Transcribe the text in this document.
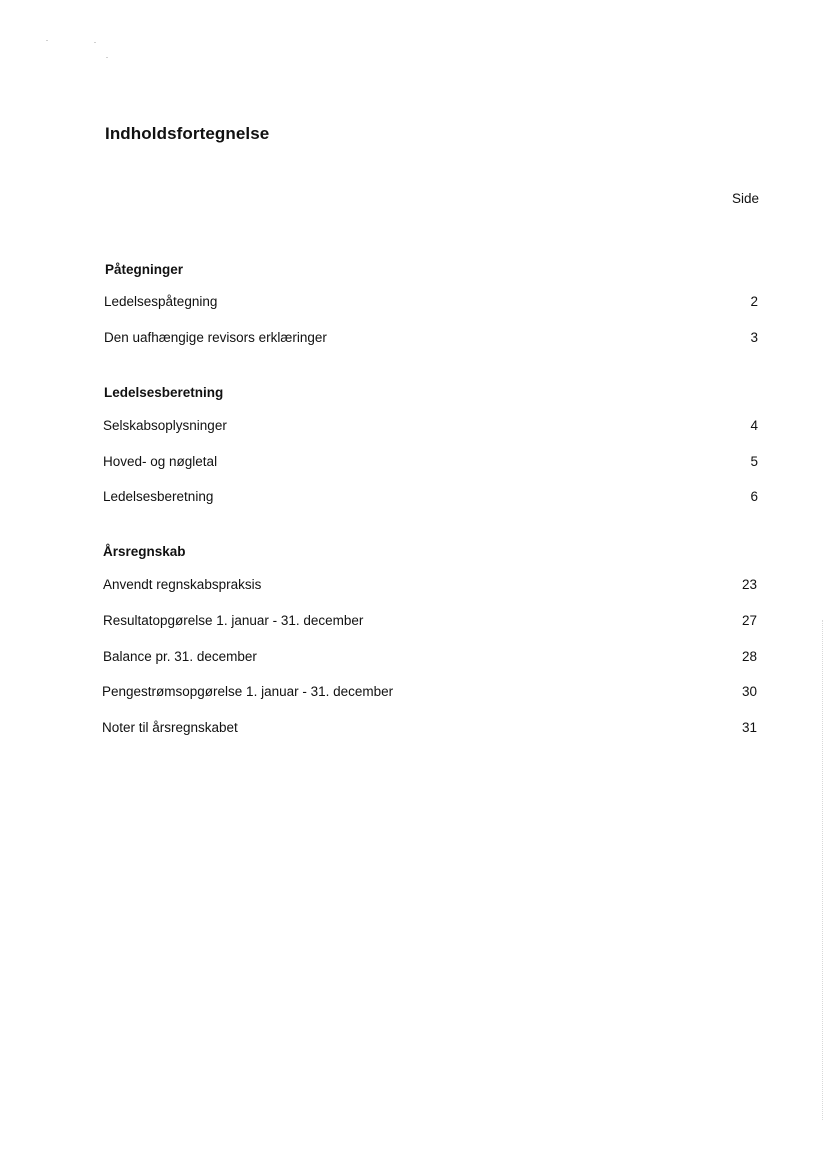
Indholdsfortegnelse
Side
Påtegninger
Ledelsespåtegning	2
Den uafhængige revisors erklæringer	3
Ledelsesberetning
Selskabsoplysninger	4
Hoved- og nøgletal	5
Ledelsesberetning	6
Årsregnskab
Anvendt regnskabspraksis	23
Resultatopgørelse 1. januar - 31. december	27
Balance pr. 31. december	28
Pengestrømsopgørelse 1. januar - 31. december	30
Noter til årsregnskabet	31
